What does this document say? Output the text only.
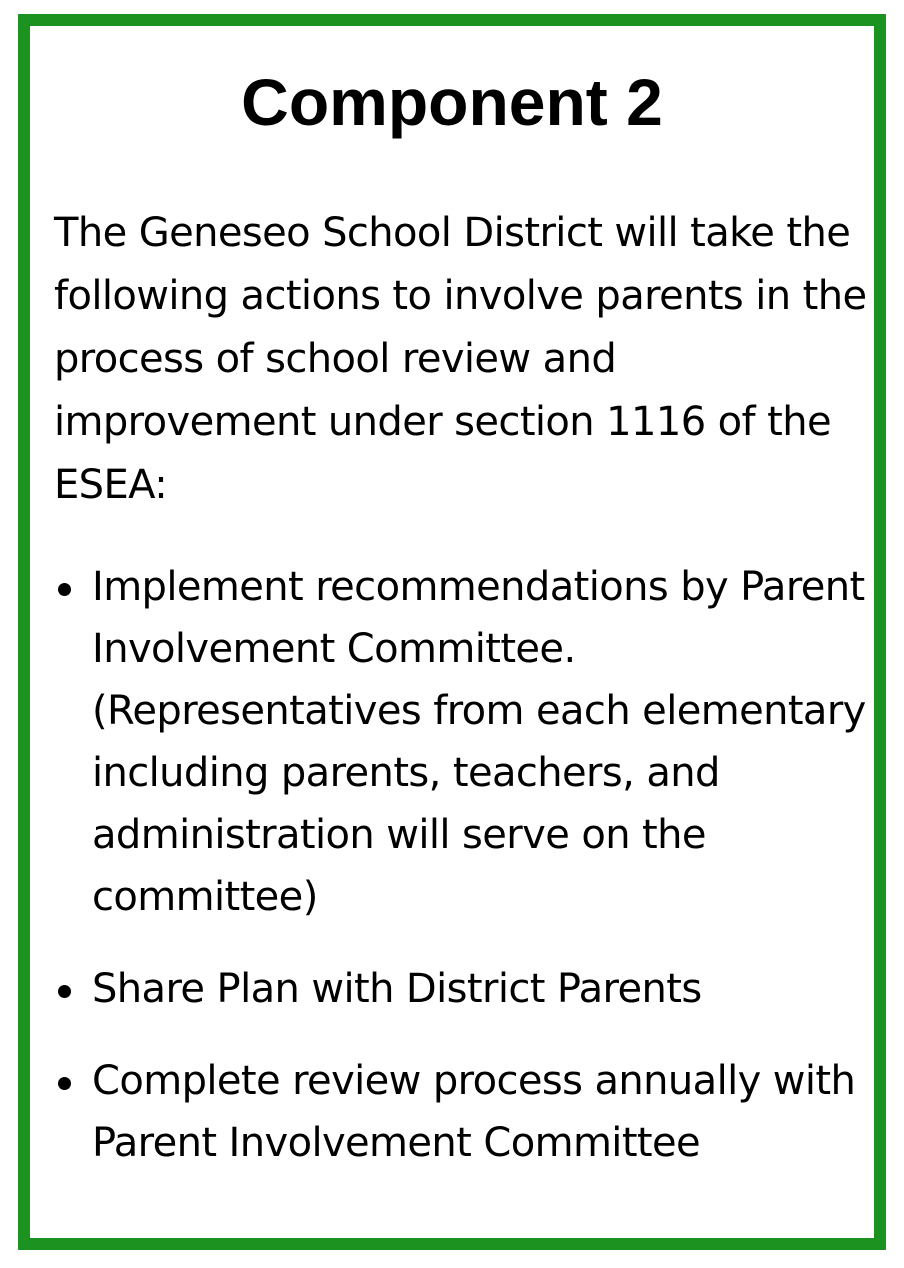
Component 2

The Geneseo School District will take the following actions to involve parents in the process of school review and improvement under section 1116 of the ESEA:

Implement recommendations by Parent Involvement Committee. (Representatives from each elementary including parents, teachers, and administration will serve on the committee)
Share Plan with District Parents
Complete review process annually with Parent Involvement Committee
